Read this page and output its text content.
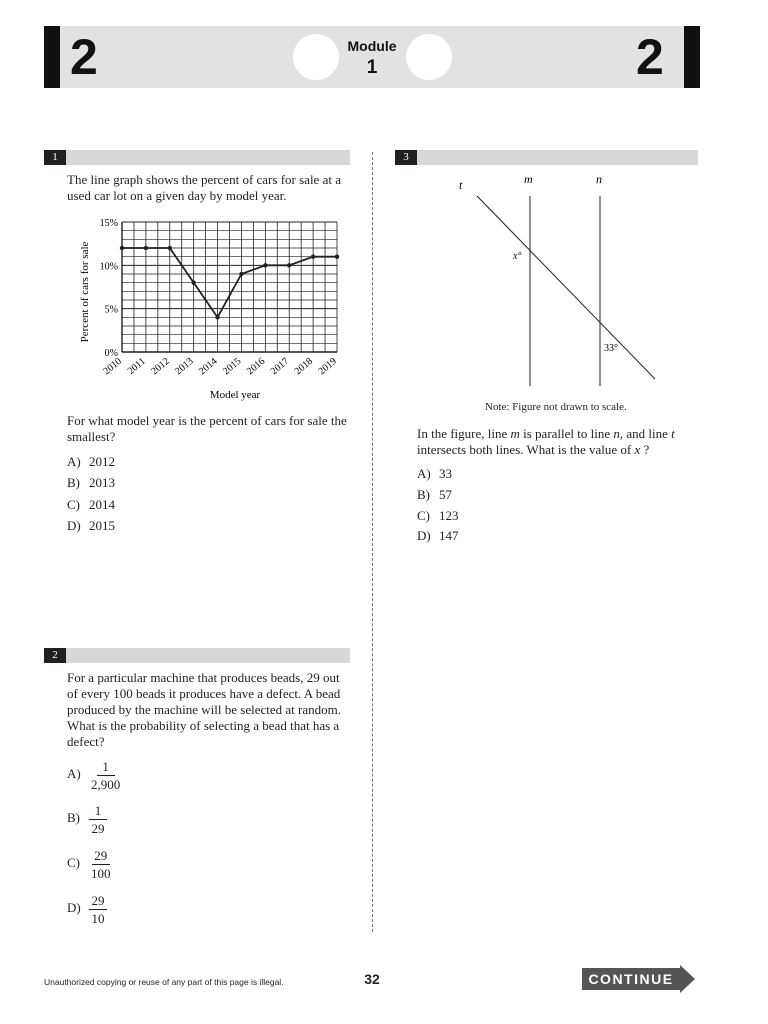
2	2
Module
1
1
The line graph shows the percent of cars for sale at a used car lot on a given day by model year.
0%
5%
10%
15%
2010 2011 2012 2013 2014 2015 2016 2017 2018 2019
Percent of cars for sale
Model year
For what model year is the percent of cars for sale the smallest?
A) 2012
B) 2013
C) 2014
D) 2015
2
For a particular machine that produces beads, 29 out of every 100 beads it produces have a defect. A bead produced by the machine will be selected at random. What is the probability of selecting a bead that has a defect?
$A) \frac{1}{2,900}$
$B) \frac{1}{29}$
$C) \frac{29}{100}$
$D) \frac{29}{10}$
3
t	m	n
x°
33°
Note: Figure not drawn to scale.
In the figure, line m is parallel to line n, and line t intersects both lines. What is the value of x ?
A) 33
B) 57
C) 123
D) 147
Unauthorized copying or reuse of any part of this page is illegal.	32	CONTINUE
